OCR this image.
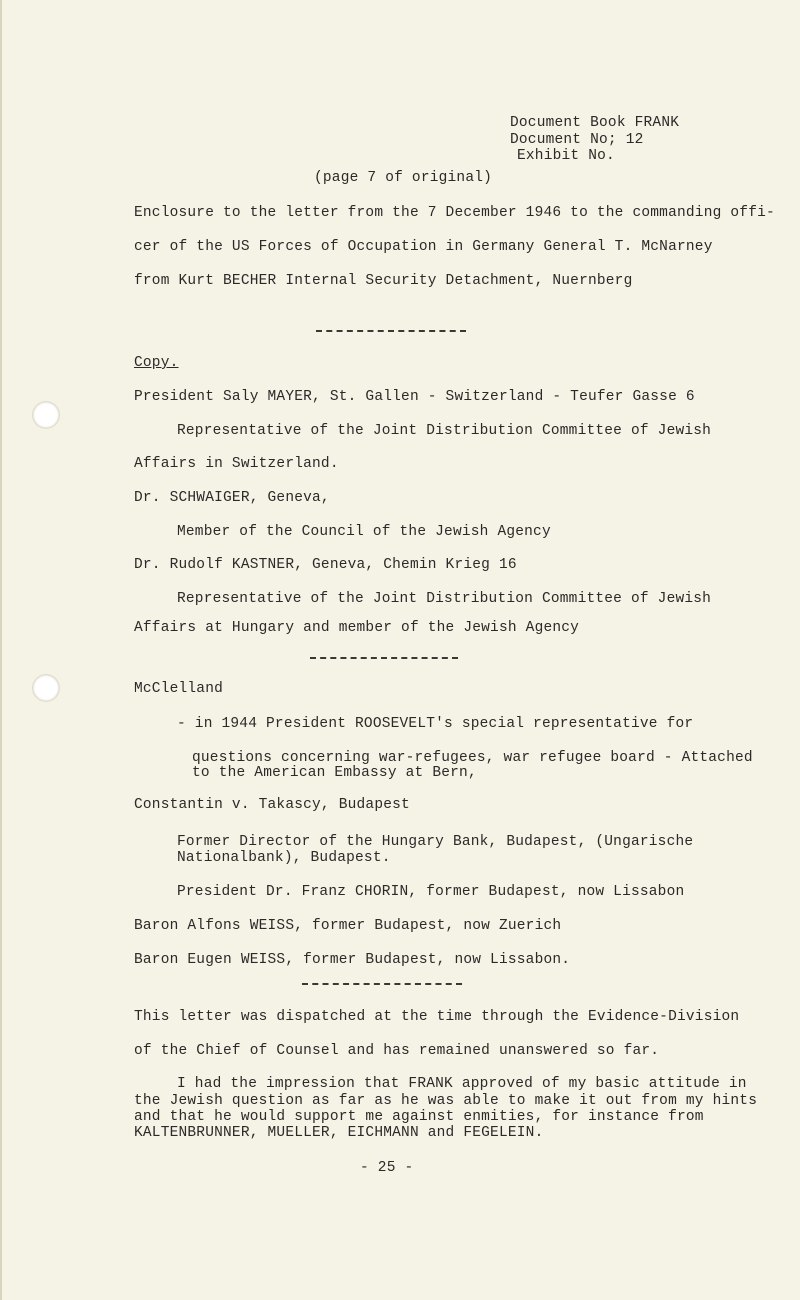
Document Book FRANK
Document No; 12
Exhibit No.
(page 7 of original)
Enclosure to the letter from the 7 December 1946 to the commanding offi-
cer of the US Forces of Occupation in Germany General T. McNarney
from Kurt BECHER Internal Security Detachment, Nuernberg
Copy.
President Saly MAYER, St. Gallen - Switzerland - Teufer Gasse 6
Representative of the Joint Distribution Committee of Jewish
Affairs in Switzerland.
Dr. SCHWAIGER, Geneva,
Member of the Council of the Jewish Agency
Dr. Rudolf KASTNER, Geneva, Chemin Krieg 16
Representative of the Joint Distribution Committee of Jewish
Affairs at Hungary and member of the Jewish Agency
McClelland
- in 1944 President ROOSEVELT's special representative for
questions concerning war-refugees, war refugee board - Attached
to the American Embassy at Bern,
Constantin v. Takascy, Budapest
Former Director of the Hungary Bank, Budapest, (Ungarische
Nationalbank), Budapest.
President Dr. Franz CHORIN, former Budapest, now Lissabon
Baron Alfons WEISS, former Budapest, now Zuerich
Baron Eugen WEISS, former Budapest, now Lissabon.
This letter was dispatched at the time through the Evidence-Division
of the Chief of Counsel and has remained unanswered so far.
I had the impression that FRANK approved of my basic attitude in
the Jewish question as far as he was able to make it out from my hints
and that he would support me against enmities, for instance from
KALTENBRUNNER, MUELLER, EICHMANN and FEGELEIN.
- 25 -
